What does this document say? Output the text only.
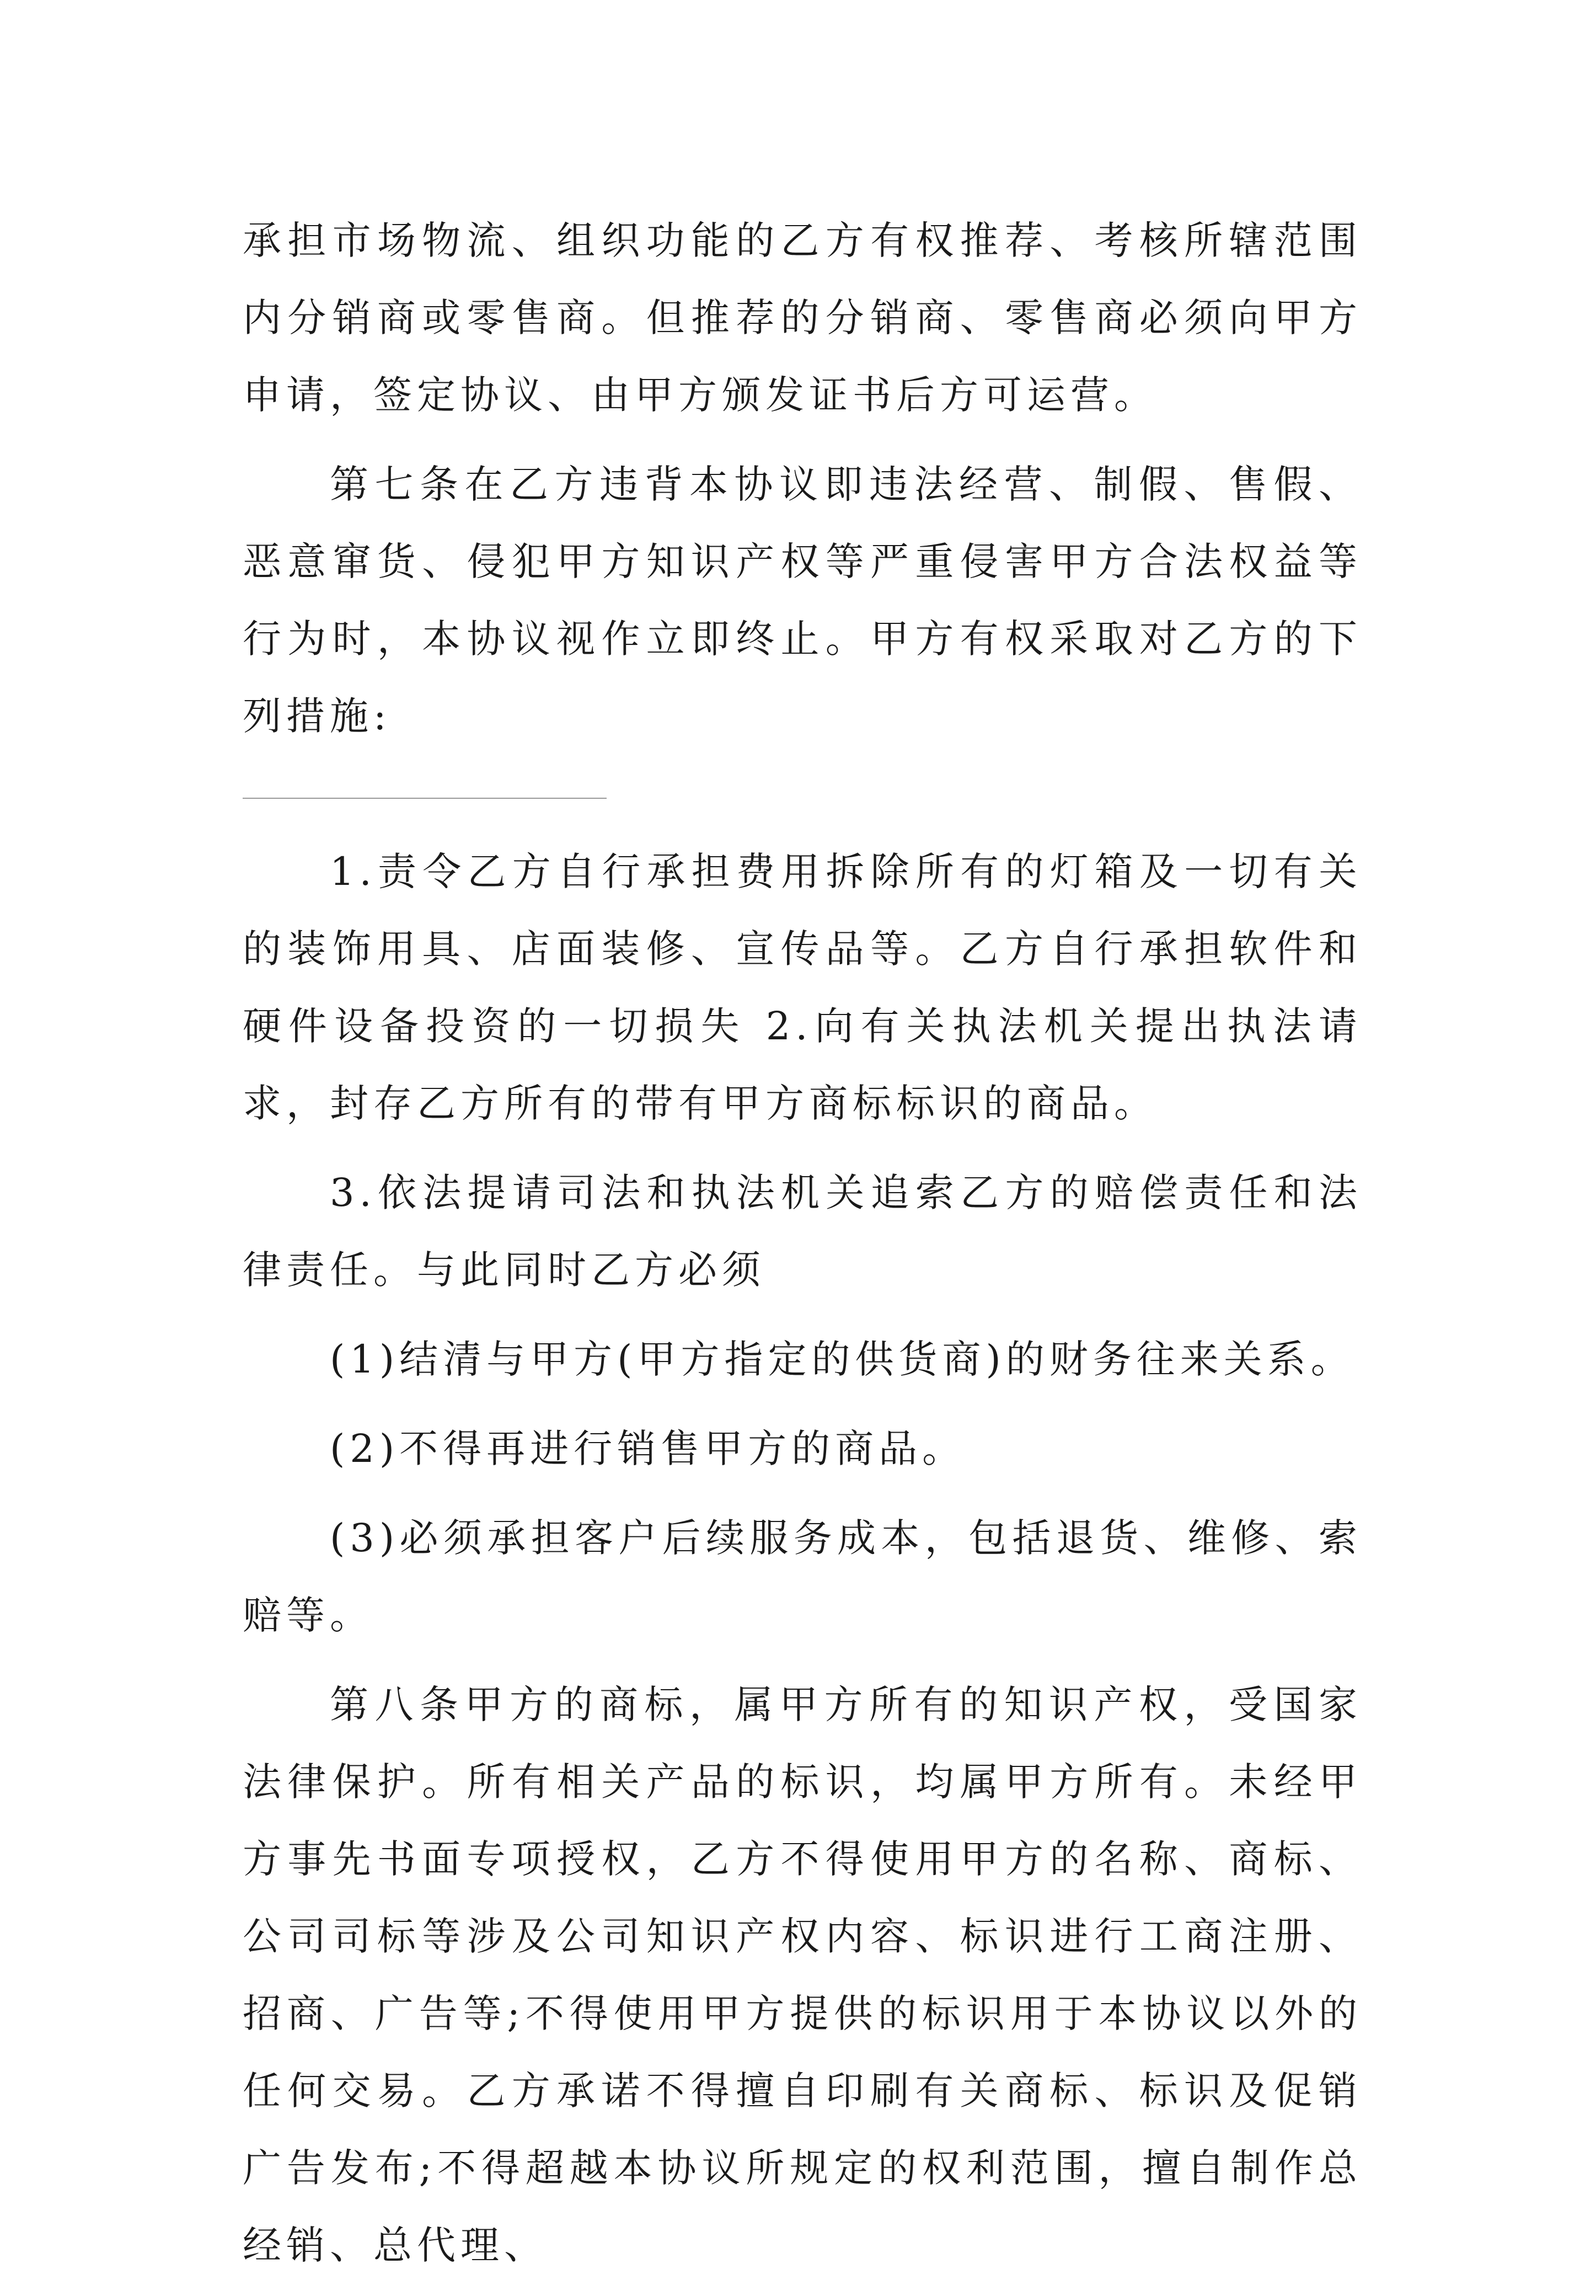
承担市场物流、组织功能的乙方有权推荐、考核所辖范围内分销商或零售商。但推荐的分销商、零售商必须向甲方申请，签定协议、由甲方颁发证书后方可运营。

第七条在乙方违背本协议即违法经营、制假、售假、恶意窜货、侵犯甲方知识产权等严重侵害甲方合法权益等行为时，本协议视作立即终止。甲方有权采取对乙方的下列措施:

1.责令乙方自行承担费用拆除所有的灯箱及一切有关的装饰用具、店面装修、宣传品等。乙方自行承担软件和硬件设备投资的一切损失 2.向有关执法机关提出执法请求，封存乙方所有的带有甲方商标标识的商品。

3.依法提请司法和执法机关追索乙方的赔偿责任和法律责任。与此同时乙方必须

(1)结清与甲方(甲方指定的供货商)的财务往来关系。

(2)不得再进行销售甲方的商品。

(3)必须承担客户后续服务成本，包括退货、维修、索赔等。

第八条甲方的商标，属甲方所有的知识产权，受国家法律保护。所有相关产品的标识，均属甲方所有。未经甲方事先书面专项授权，乙方不得使用甲方的名称、商标、公司司标等涉及公司知识产权内容、标识进行工商注册、招商、广告等;不得使用甲方提供的标识用于本协议以外的任何交易。乙方承诺不得擅自印刷有关商标、标识及促销广告发布;不得超越本协议所规定的权利范围，擅自制作总经销、总代理、
